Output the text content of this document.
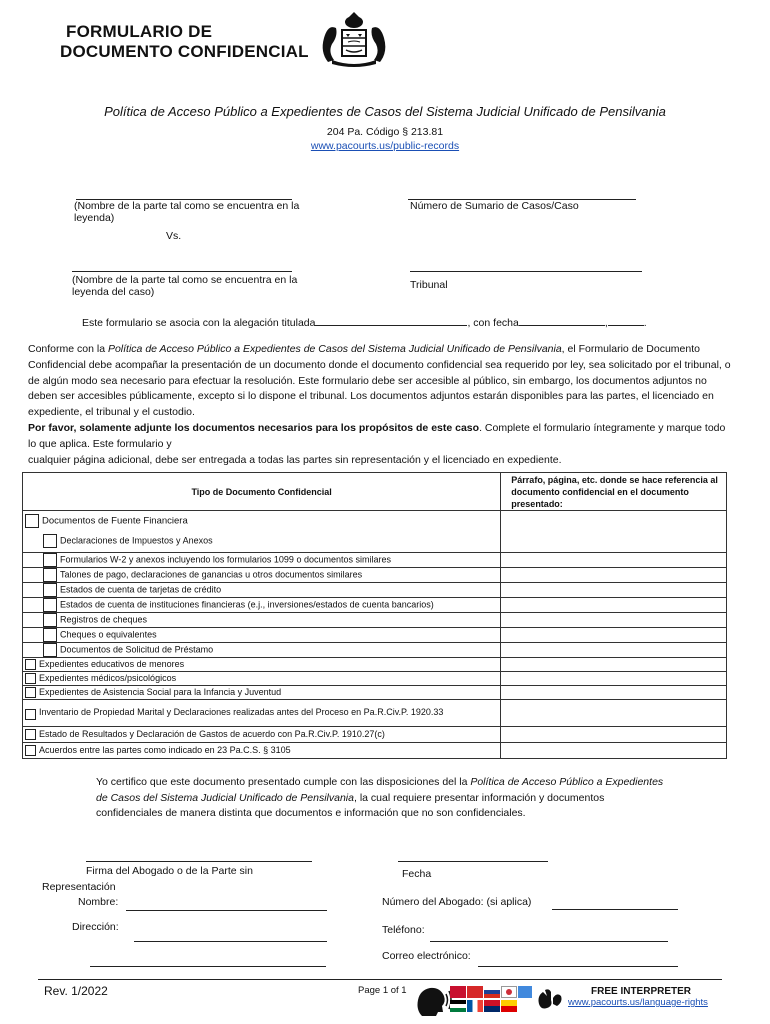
FORMULARIO DE
DOCUMENTO CONFIDENCIAL
Política de Acceso Público a Expedientes de Casos del Sistema Judicial Unificado de Pensilvania
204 Pa. Código § 213.81
www.pacourts.us/public-records
(Nombre de la parte tal como se encuentra en la leyenda)
Vs.
Número de Sumario de Casos/Caso
(Nombre de la parte tal como se encuentra en la leyenda del caso)
Tribunal
Este formulario se asocia con la alegación titulada	, con fecha	,	.
Conforme con la Política de Acceso Público a Expedientes de Casos del Sistema Judicial Unificado de Pensilvania, el Formulario de Documento Confidencial debe acompañar la presentación de un documento donde el documento confidencial sea requerido por ley, sea solicitado por el tribunal, o de algún modo sea necesario para efectuar la resolución. Este formulario debe ser accesible al público, sin embargo, los documentos adjuntos no deben ser accesibles públicamente, excepto si lo dispone el tribunal. Los documentos adjuntos estarán disponibles para las partes, el licenciado en expediente, el tribunal y el custodio.
Por favor, solamente adjunte los documentos necesarios para los propósitos de este caso. Complete el formulario íntegramente y marque todo lo que aplica. Este formulario y
cualquier página adicional, debe ser entregada a todas las partes sin representación y el licenciado en expediente.
Tipo de Documento Confidencial	Párrafo, página, etc. donde se hace referencia al documento confidencial en el documento presentado:
Documentos de Fuente Financiera	
Declaraciones de Impuestos y Anexos	
Formularios W-2 y anexos incluyendo los formularios 1099 o documentos similares	
Talones de pago, declaraciones de ganancias u otros documentos similares	
Estados de cuenta de tarjetas de crédito	
Estados de cuenta de instituciones financieras (e.j., inversiones/estados de cuenta bancarios)	
Registros de cheques	
Cheques o equivalentes	
Documentos de Solicitud de Préstamo	
Expedientes educativos de menores	
Expedientes médicos/psicológicos	
Expedientes de Asistencia Social para la Infancia y Juventud	

Inventario de Propiedad Marital y Declaraciones realizadas antes del Proceso en Pa.R.Civ.P. 1920.33	
Estado de Resultados y Declaración de Gastos de acuerdo con Pa.R.Civ.P. 1910.27(c)	
Acuerdos entre las partes como indicado en 23 Pa.C.S. § 3105	
Yo certifico que este documento presentado cumple con las disposiciones del la Política de Acceso Público a Expedientes de Casos del Sistema Judicial Unificado de Pensilvania, la cual requiere presentar información y documentos confidenciales de manera distinta que documentos e información que no son confidenciales.
Firma del Abogado o de la Parte sin
Representación
Fecha
Nombre:	Número del Abogado: (si aplica)
Dirección:	Teléfono:
Correo electrónico:
Rev. 1/2022	Page 1 of 1	FREE INTERPRETER
www.pacourts.us/language-rights
